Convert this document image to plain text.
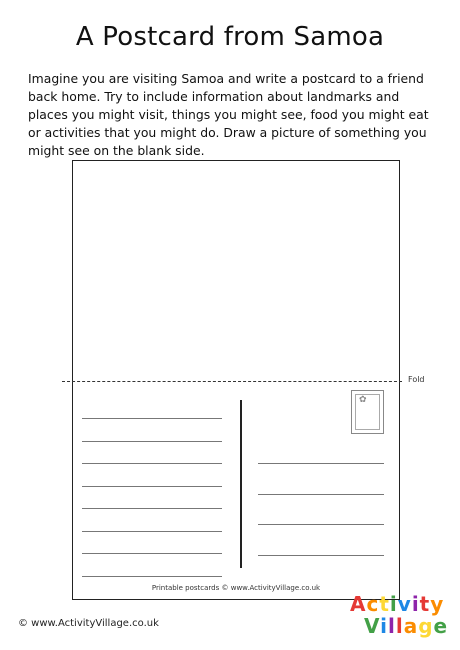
A Postcard from Samoa
Imagine you are visiting Samoa and write a postcard to a friend back home. Try to include information about landmarks and places you might visit, things you might see, food you might eat or activities that you might do. Draw a picture of something you might see on the blank side.
Fold
✿
Printable postcards © www.ActivityVillage.co.uk
© www.ActivityVillage.co.uk
Activity
Village
